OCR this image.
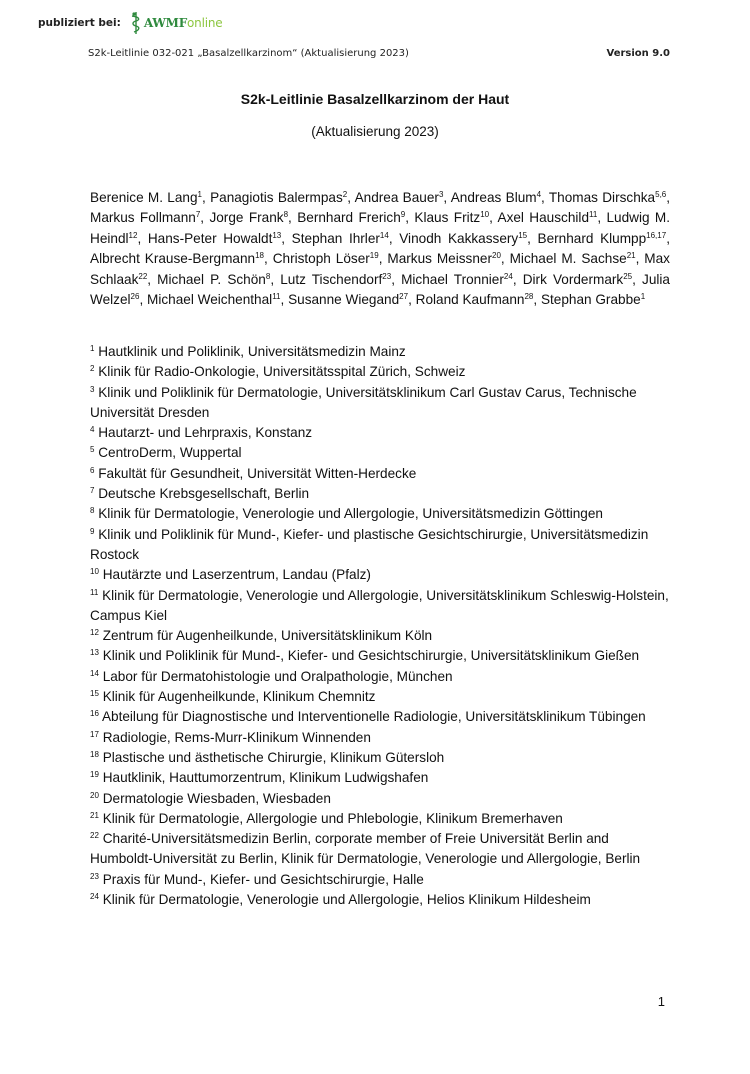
publiziert bei: AWMFonline
S2k-Leitlinie 032-021 „Basalzellkarzinom“ (Aktualisierung 2023)	Version 9.0
S2k-Leitlinie Basalzellkarzinom der Haut
(Aktualisierung 2023)
Berenice M. Lang$^1$, Panagiotis Balermpas$^2$, Andrea Bauer$^3$, Andreas Blum$^4$, Thomas Dirschka$^{5,6}$, Markus Follmann$^7$, Jorge Frank$^8$, Bernhard Frerich$^9$, Klaus Fritz$^{10}$, Axel Hauschild$^{11}$, Ludwig M. Heindl$^{12}$, Hans-Peter Howaldt$^{13}$, Stephan Ihrler$^{14}$, Vinodh Kakkassery$^{15}$, Bernhard Klumpp$^{16,17}$, Albrecht Krause-Bergmann$^{18}$, Christoph Löser$^{19}$, Markus Meissner$^{20}$, Michael M. Sachse$^{21}$, Max Schlaak$^{22}$, Michael P. Schön$^8$, Lutz Tischendorf$^{23}$, Michael Tronnier$^{24}$, Dirk Vordermark$^{25}$, Julia Welzel$^{26}$, Michael Weichenthal$^{11}$, Susanne Wiegand$^{27}$, Roland Kaufmann$^{28}$, Stephan Grabbe$^1$

$^1$ Hautklinik und Poliklinik, Universitätsmedizin Mainz

$^2$ Klinik für Radio-Onkologie, Universitätsspital Zürich, Schweiz

$^3$ Klinik und Poliklinik für Dermatologie, Universitätsklinikum Carl Gustav Carus, Technische Universität Dresden

$^4$ Hautarzt- und Lehrpraxis, Konstanz

$^5$ CentroDerm, Wuppertal

$^6$ Fakultät für Gesundheit, Universität Witten-Herdecke

$^7$ Deutsche Krebsgesellschaft, Berlin

$^8$ Klinik für Dermatologie, Venerologie und Allergologie, Universitätsmedizin Göttingen

$^9$ Klinik und Poliklinik für Mund-, Kiefer- und plastische Gesichtschirurgie, Universitätsmedizin Rostock

$^{10}$ Hautärzte und Laserzentrum, Landau (Pfalz)

$^{11}$ Klinik für Dermatologie, Venerologie und Allergologie, Universitätsklinikum Schleswig-Holstein, Campus Kiel

$^{12}$ Zentrum für Augenheilkunde, Universitätsklinikum Köln

$^{13}$ Klinik und Poliklinik für Mund-, Kiefer- und Gesichtschirurgie, Universitätsklinikum Gießen

$^{14}$ Labor für Dermatohistologie und Oralpathologie, München

$^{15}$ Klinik für Augenheilkunde, Klinikum Chemnitz

$^{16}$ Abteilung für Diagnostische und Interventionelle Radiologie, Universitätsklinikum Tübingen

$^{17}$ Radiologie, Rems-Murr-Klinikum Winnenden

$^{18}$ Plastische und ästhetische Chirurgie, Klinikum Gütersloh

$^{19}$ Hautklinik, Hauttumorzentrum, Klinikum Ludwigshafen

$^{20}$ Dermatologie Wiesbaden, Wiesbaden

$^{21}$ Klinik für Dermatologie, Allergologie und Phlebologie, Klinikum Bremerhaven

$^{22}$ Charité-Universitätsmedizin Berlin, corporate member of Freie Universität Berlin and Humboldt-Universität zu Berlin, Klinik für Dermatologie, Venerologie und Allergologie, Berlin

$^{23}$ Praxis für Mund-, Kiefer- und Gesichtschirurgie, Halle

$^{24}$ Klinik für Dermatologie, Venerologie und Allergologie, Helios Klinikum Hildesheim

1
